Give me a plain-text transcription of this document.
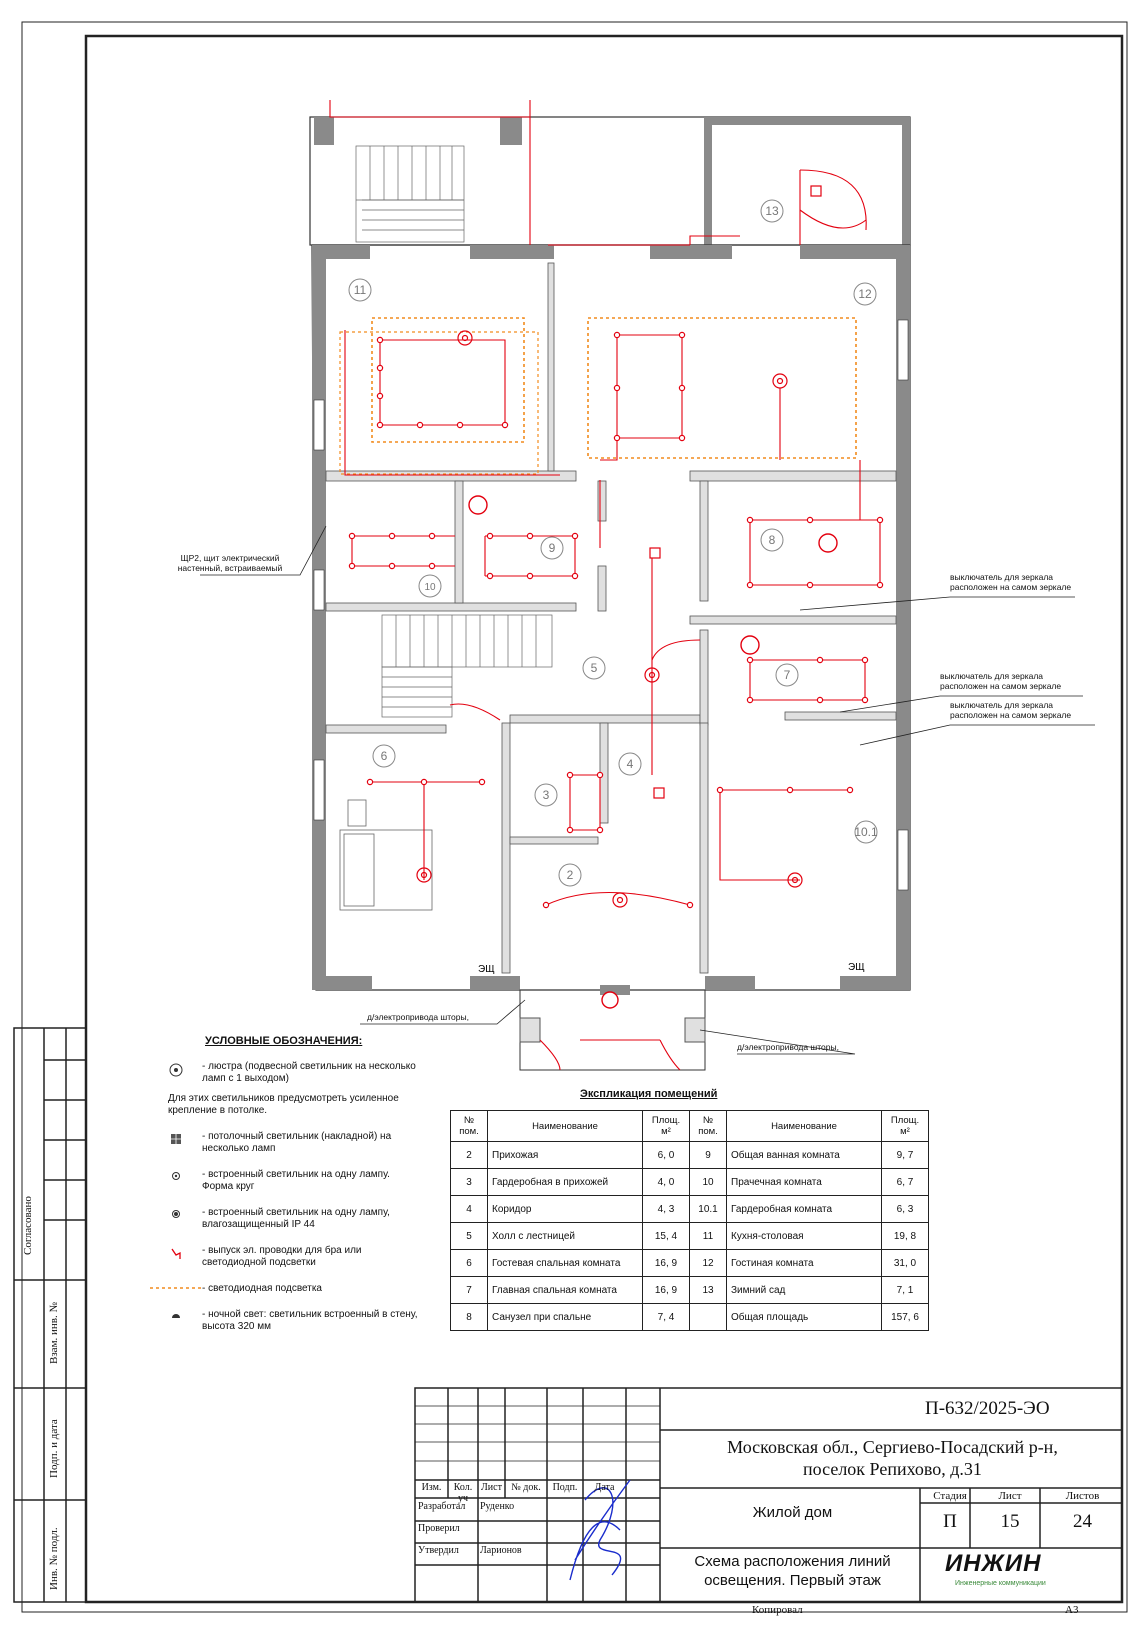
11	12
13
9
10
8
5	7
6
3
4
2
10.1
ЭЩ	ЭЩ
Согласовано
Взам. инв. №
Подп. и дата
Инв. № подл.
ЩР2, щит электрический настенный, встраиваемый
выключатель для зеркала расположен на самом зеркале
выключатель для зеркала расположен на самом зеркале
выключатель для зеркала расположен на самом зеркале
д/электропривода шторы,
д/электропривода шторы,
УСЛОВНЫЕ ОБОЗНАЧЕНИЯ:
- люстра (подвесной светильник на несколько ламп с 1 выходом)
Для этих светильников предусмотреть усиленное крепление в потолке.
- потолочный светильник (накладной) на несколько ламп
- встроенный светильник на одну лампу. Форма круг
- встроенный светильник на одну лампу, влагозащищенный IP 44
- выпуск эл. проводки для бра или светодиодной подсветки
- светодиодная подсветка
- ночной свет: светильник встроенный в стену, высота 320 мм
Экспликация помещений
№ пом.	Наименование	Площ. м²	№ пом.	Наименование	Площ. м²
2	Прихожая	6, 0	9	Общая ванная комната	9, 7
3	Гардеробная в прихожей	4, 0	10	Прачечная комната	6, 7
4	Коридор	4, 3	10.1	Гардеробная комната	6, 3
5	Холл с лестницей	15, 4	11	Кухня-столовая	19, 8
6	Гостевая спальная комната	16, 9	12	Гостиная комната	31, 0
7	Главная спальная комната	16, 9	13	Зимний сад	7, 1
8	Санузел при спальне	7, 4		Общая площадь	157, 6
П-632/2025-ЭО
Московская обл., Сергиево-Посадский р-н,
поселок Репихово, д.31
Жилой дом
Стадия	Лист	Листов
П	15	24
Схема расположения линий
освещения. Первый этаж
ИНЖИН
Инженерные коммуникации
Изм.	Кол. уч
Лист № док.	Подп.	Дата
Разработал Руденко
Проверил
Утвердил Ларионов
Копировал	А3
